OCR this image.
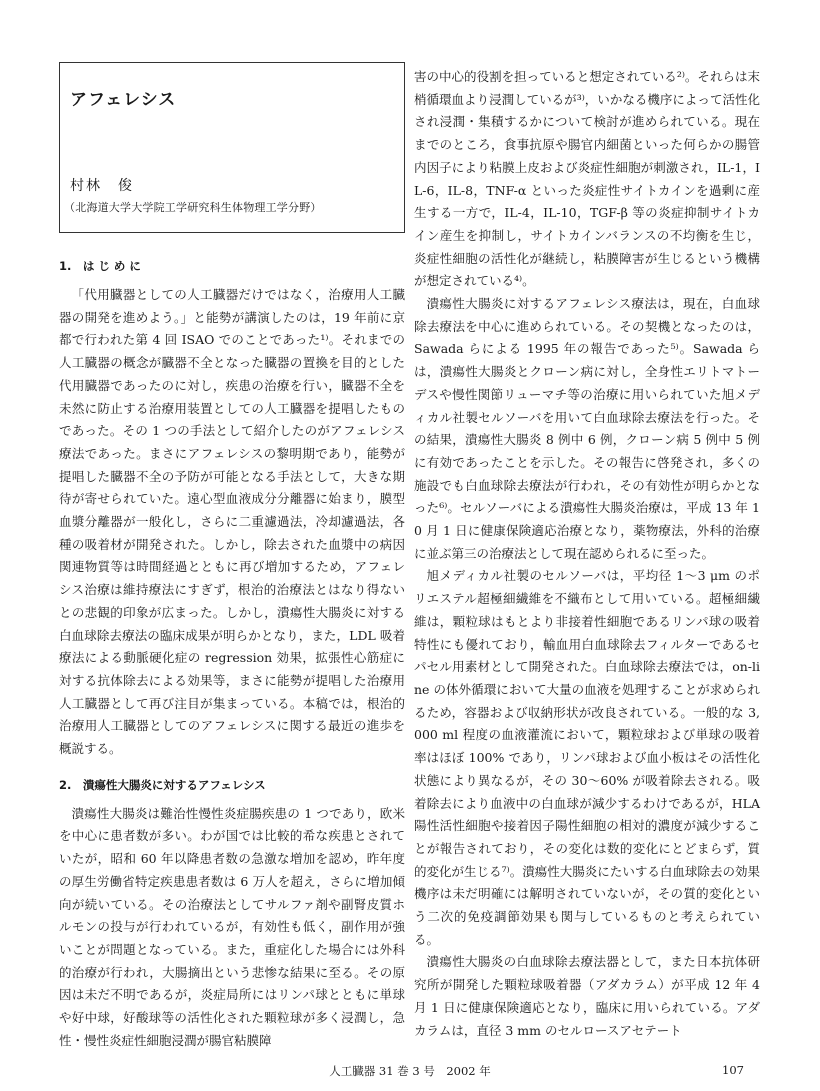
アフェレシス
村林　俊
（北海道大学大学院工学研究科生体物理工学分野）
1.　は じ め に

「代用臓器としての人工臓器だけではなく，治療用人工臓器の開発を進めよう。」と能勢が講演したのは，19 年前に京都で行われた第 4 回 ISAO でのことであった¹⁾。それまでの人工臓器の概念が臓器不全となった臓器の置換を目的とした代用臓器であったのに対し，疾患の治療を行い，臓器不全を未然に防止する治療用装置としての人工臓器を提唱したものであった。その 1 つの手法として紹介したのがアフェレシス療法であった。まさにアフェレシスの黎明期であり，能勢が提唱した臓器不全の予防が可能となる手法として，大きな期待が寄せられていた。遠心型血液成分分離器に始まり，膜型血漿分離器が一般化し，さらに二重濾過法，冷却濾過法，各種の吸着材が開発された。しかし，除去された血漿中の病因関連物質等は時間経過とともに再び増加するため，アフェレシス治療は維持療法にすぎず，根治的治療法とはなり得ないとの悲観的印象が広まった。しかし，潰瘍性大腸炎に対する白血球除去療法の臨床成果が明らかとなり，また，LDL 吸着療法による動脈硬化症の regression 効果，拡張性心筋症に対する抗体除去による効果等，まさに能勢が提唱した治療用人工臓器として再び注目が集まっている。本稿では，根治的治療用人工臓器としてのアフェレシスに関する最近の進歩を概説する。

2.　潰瘍性大腸炎に対するアフェレシス

潰瘍性大腸炎は難治性慢性炎症腸疾患の 1 つであり，欧米を中心に患者数が多い。わが国では比較的希な疾患とされていたが，昭和 60 年以降患者数の急激な増加を認め，昨年度の厚生労働省特定疾患患者数は 6 万人を超え，さらに増加傾向が続いている。その治療法としてサルファ剤や副腎皮質ホルモンの投与が行われているが，有効性も低く，副作用が強いことが問題となっている。また，重症化した場合には外科的治療が行われ，大腸摘出という悲惨な結果に至る。その原因は未だ不明であるが，炎症局所にはリンパ球とともに単球や好中球，好酸球等の活性化された顆粒球が多く浸潤し，急性・慢性炎症性細胞浸潤が腸官粘膜障

害の中心的役割を担っていると想定されている²⁾。それらは末梢循環血より浸潤しているが³⁾，いかなる機序によって活性化され浸潤・集積するかについて検討が進められている。現在までのところ，食事抗原や腸官内細菌といった何らかの腸管内因子により粘膜上皮および炎症性細胞が刺激され，IL-1，IL-6，IL-8，TNF-α といった炎症性サイトカインを過剰に産生する一方で，IL-4，IL-10，TGF-β 等の炎症抑制サイトカイン産生を抑制し，サイトカインバランスの不均衡を生じ，炎症性細胞の活性化が継続し，粘膜障害が生じるという機構が想定されている⁴⁾。

潰瘍性大腸炎に対するアフェレシス療法は，現在，白血球除去療法を中心に進められている。その契機となったのは，Sawada らによる 1995 年の報告であった⁵⁾。Sawada らは，潰瘍性大腸炎とクローン病に対し，全身性エリトマトーデスや慢性関節リューマチ等の治療に用いられていた旭メディカル社製セルソーバを用いて白血球除去療法を行った。その結果，潰瘍性大腸炎 8 例中 6 例，クローン病 5 例中 5 例に有効であったことを示した。その報告に啓発され，多くの施設でも白血球除去療法が行われ，その有効性が明らかとなった⁶⁾。セルソーバによる潰瘍性大腸炎治療は，平成 13 年 10 月 1 日に健康保険適応治療となり，薬物療法，外科的治療に並ぶ第三の治療法として現在認められるに至った。

旭メディカル社製のセルソーバは，平均径 1～3 μm のポリエステル超極細繊維を不織布として用いている。超極細繊維は，顆粒球はもとより非接着性細胞であるリンパ球の吸着特性にも優れており，輸血用白血球除去フィルターであるセパセル用素材として開発された。白血球除去療法では，on-line の体外循環において大量の血液を処理することが求められるため，容器および収納形状が改良されている。一般的な 3,000 ml 程度の血液灌流において，顆粒球および単球の吸着率はほぼ 100% であり，リンパ球および血小板はその活性化状態により異なるが，その 30～60% が吸着除去される。吸着除去により血液中の白血球が減少するわけであるが，HLA 陽性活性細胞や接着因子陽性細胞の相対的濃度が減少することが報告されており，その変化は数的変化にとどまらず，質的変化が生じる⁷⁾。潰瘍性大腸炎にたいする白血球除去の効果機序は未だ明確には解明されていないが，その質的変化という二次的免疫調節効果も関与しているものと考えられている。

潰瘍性大腸炎の白血球除去療法器として，また日本抗体研究所が開発した顆粒球吸着器（アダカラム）が平成 12 年 4 月 1 日に健康保険適応となり，臨床に用いられている。アダカラムは，直径 3 mm のセルロースアセテート

人工臓器 31 巻 3 号　2002 年	107
